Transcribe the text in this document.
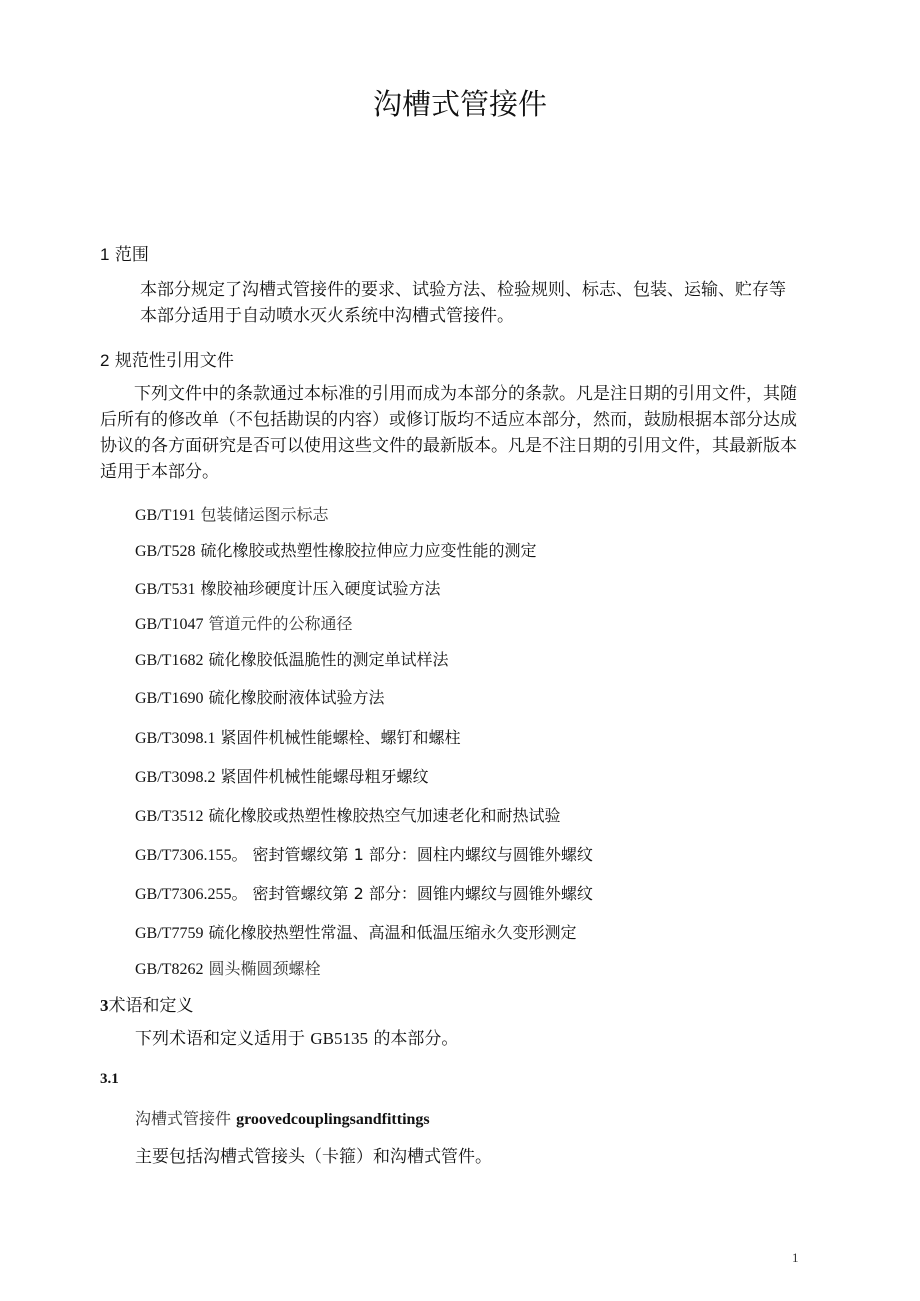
沟槽式管接件
1 范围
本部分规定了沟槽式管接件的要求、试验方法、检验规则、标志、包装、运输、贮存等本部分适用于自动喷水灭火系统中沟槽式管接件。
2 规范性引用文件
下列文件中的条款通过本标准的引用而成为本部分的条款。凡是注日期的引用文件，其随后所有的修改单（不包括勘误的内容）或修订版均不适应本部分，然而，鼓励根据本部分达成协议的各方面研究是否可以使用这些文件的最新版本。凡是不注日期的引用文件，其最新版本适用于本部分。
GB/T191 包装储运图示标志
GB/T528 硫化橡胶或热塑性橡胶拉伸应力应变性能的测定
GB/T531 橡胶袖珍硬度计压入硬度试验方法
GB/T1047 管道元件的公称通径
GB/T1682 硫化橡胶低温脆性的测定单试样法
GB/T1690 硫化橡胶耐液体试验方法
GB/T3098.1 紧固件机械性能螺栓、螺钉和螺柱
GB/T3098.2 紧固件机械性能螺母粗牙螺纹
GB/T3512 硫化橡胶或热塑性橡胶热空气加速老化和耐热试验
GB/T7306.155。 密封管螺纹第 1 部分：圆柱内螺纹与圆锥外螺纹
GB/T7306.255。 密封管螺纹第 2 部分：圆锥内螺纹与圆锥外螺纹
GB/T7759 硫化橡胶热塑性常温、高温和低温压缩永久变形测定
GB/T8262 圆头椭圆颈螺栓
3术语和定义
下列术语和定义适用于 GB5135 的本部分。
3.1
沟槽式管接件 groovedcouplingsandfittings
主要包括沟槽式管接头（卡箍）和沟槽式管件。
1
